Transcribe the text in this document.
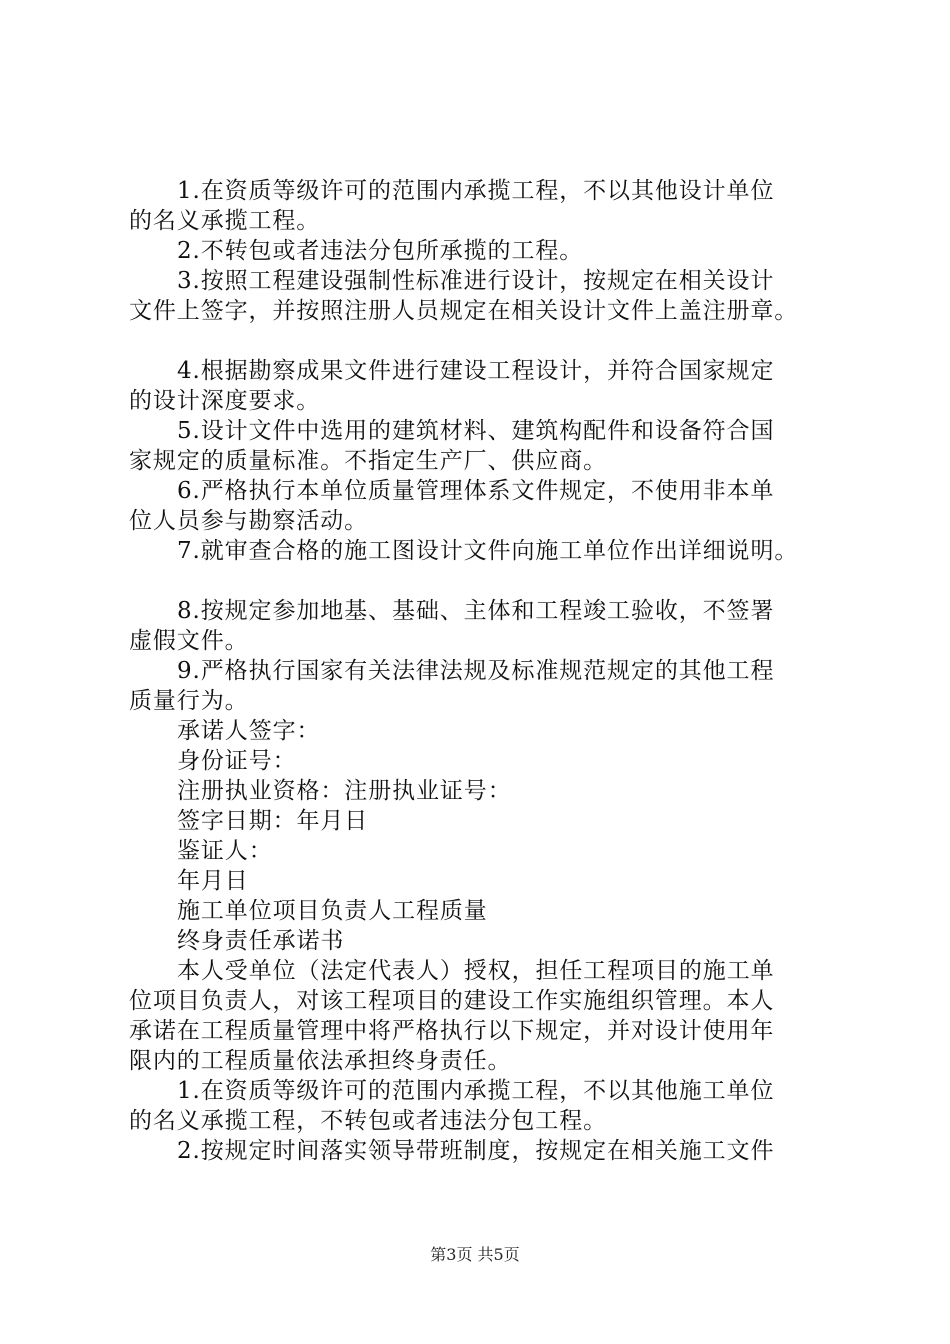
1.在资质等级许可的范围内承揽工程，不以其他设计单位
的名义承揽工程。
2.不转包或者违法分包所承揽的工程。
3.按照工程建设强制性标准进行设计，按规定在相关设计
文件上签字，并按照注册人员规定在相关设计文件上盖注册章。
4.根据勘察成果文件进行建设工程设计，并符合国家规定
的设计深度要求。
5.设计文件中选用的建筑材料、建筑构配件和设备符合国
家规定的质量标准。不指定生产厂、供应商。
6.严格执行本单位质量管理体系文件规定，不使用非本单
位人员参与勘察活动。
7.就审查合格的施工图设计文件向施工单位作出详细说明。
8.按规定参加地基、基础、主体和工程竣工验收，不签署
虚假文件。
9.严格执行国家有关法律法规及标准规范规定的其他工程
质量行为。
承诺人签字：
身份证号：
注册执业资格：注册执业证号：
签字日期：年月日
鉴证人：
年月日
施工单位项目负责人工程质量
终身责任承诺书
本人受单位（法定代表人）授权，担任工程项目的施工单
位项目负责人，对该工程项目的建设工作实施组织管理。本人
承诺在工程质量管理中将严格执行以下规定，并对设计使用年
限内的工程质量依法承担终身责任。
1.在资质等级许可的范围内承揽工程，不以其他施工单位
的名义承揽工程，不转包或者违法分包工程。
2.按规定时间落实领导带班制度，按规定在相关施工文件
第3页 共5页
